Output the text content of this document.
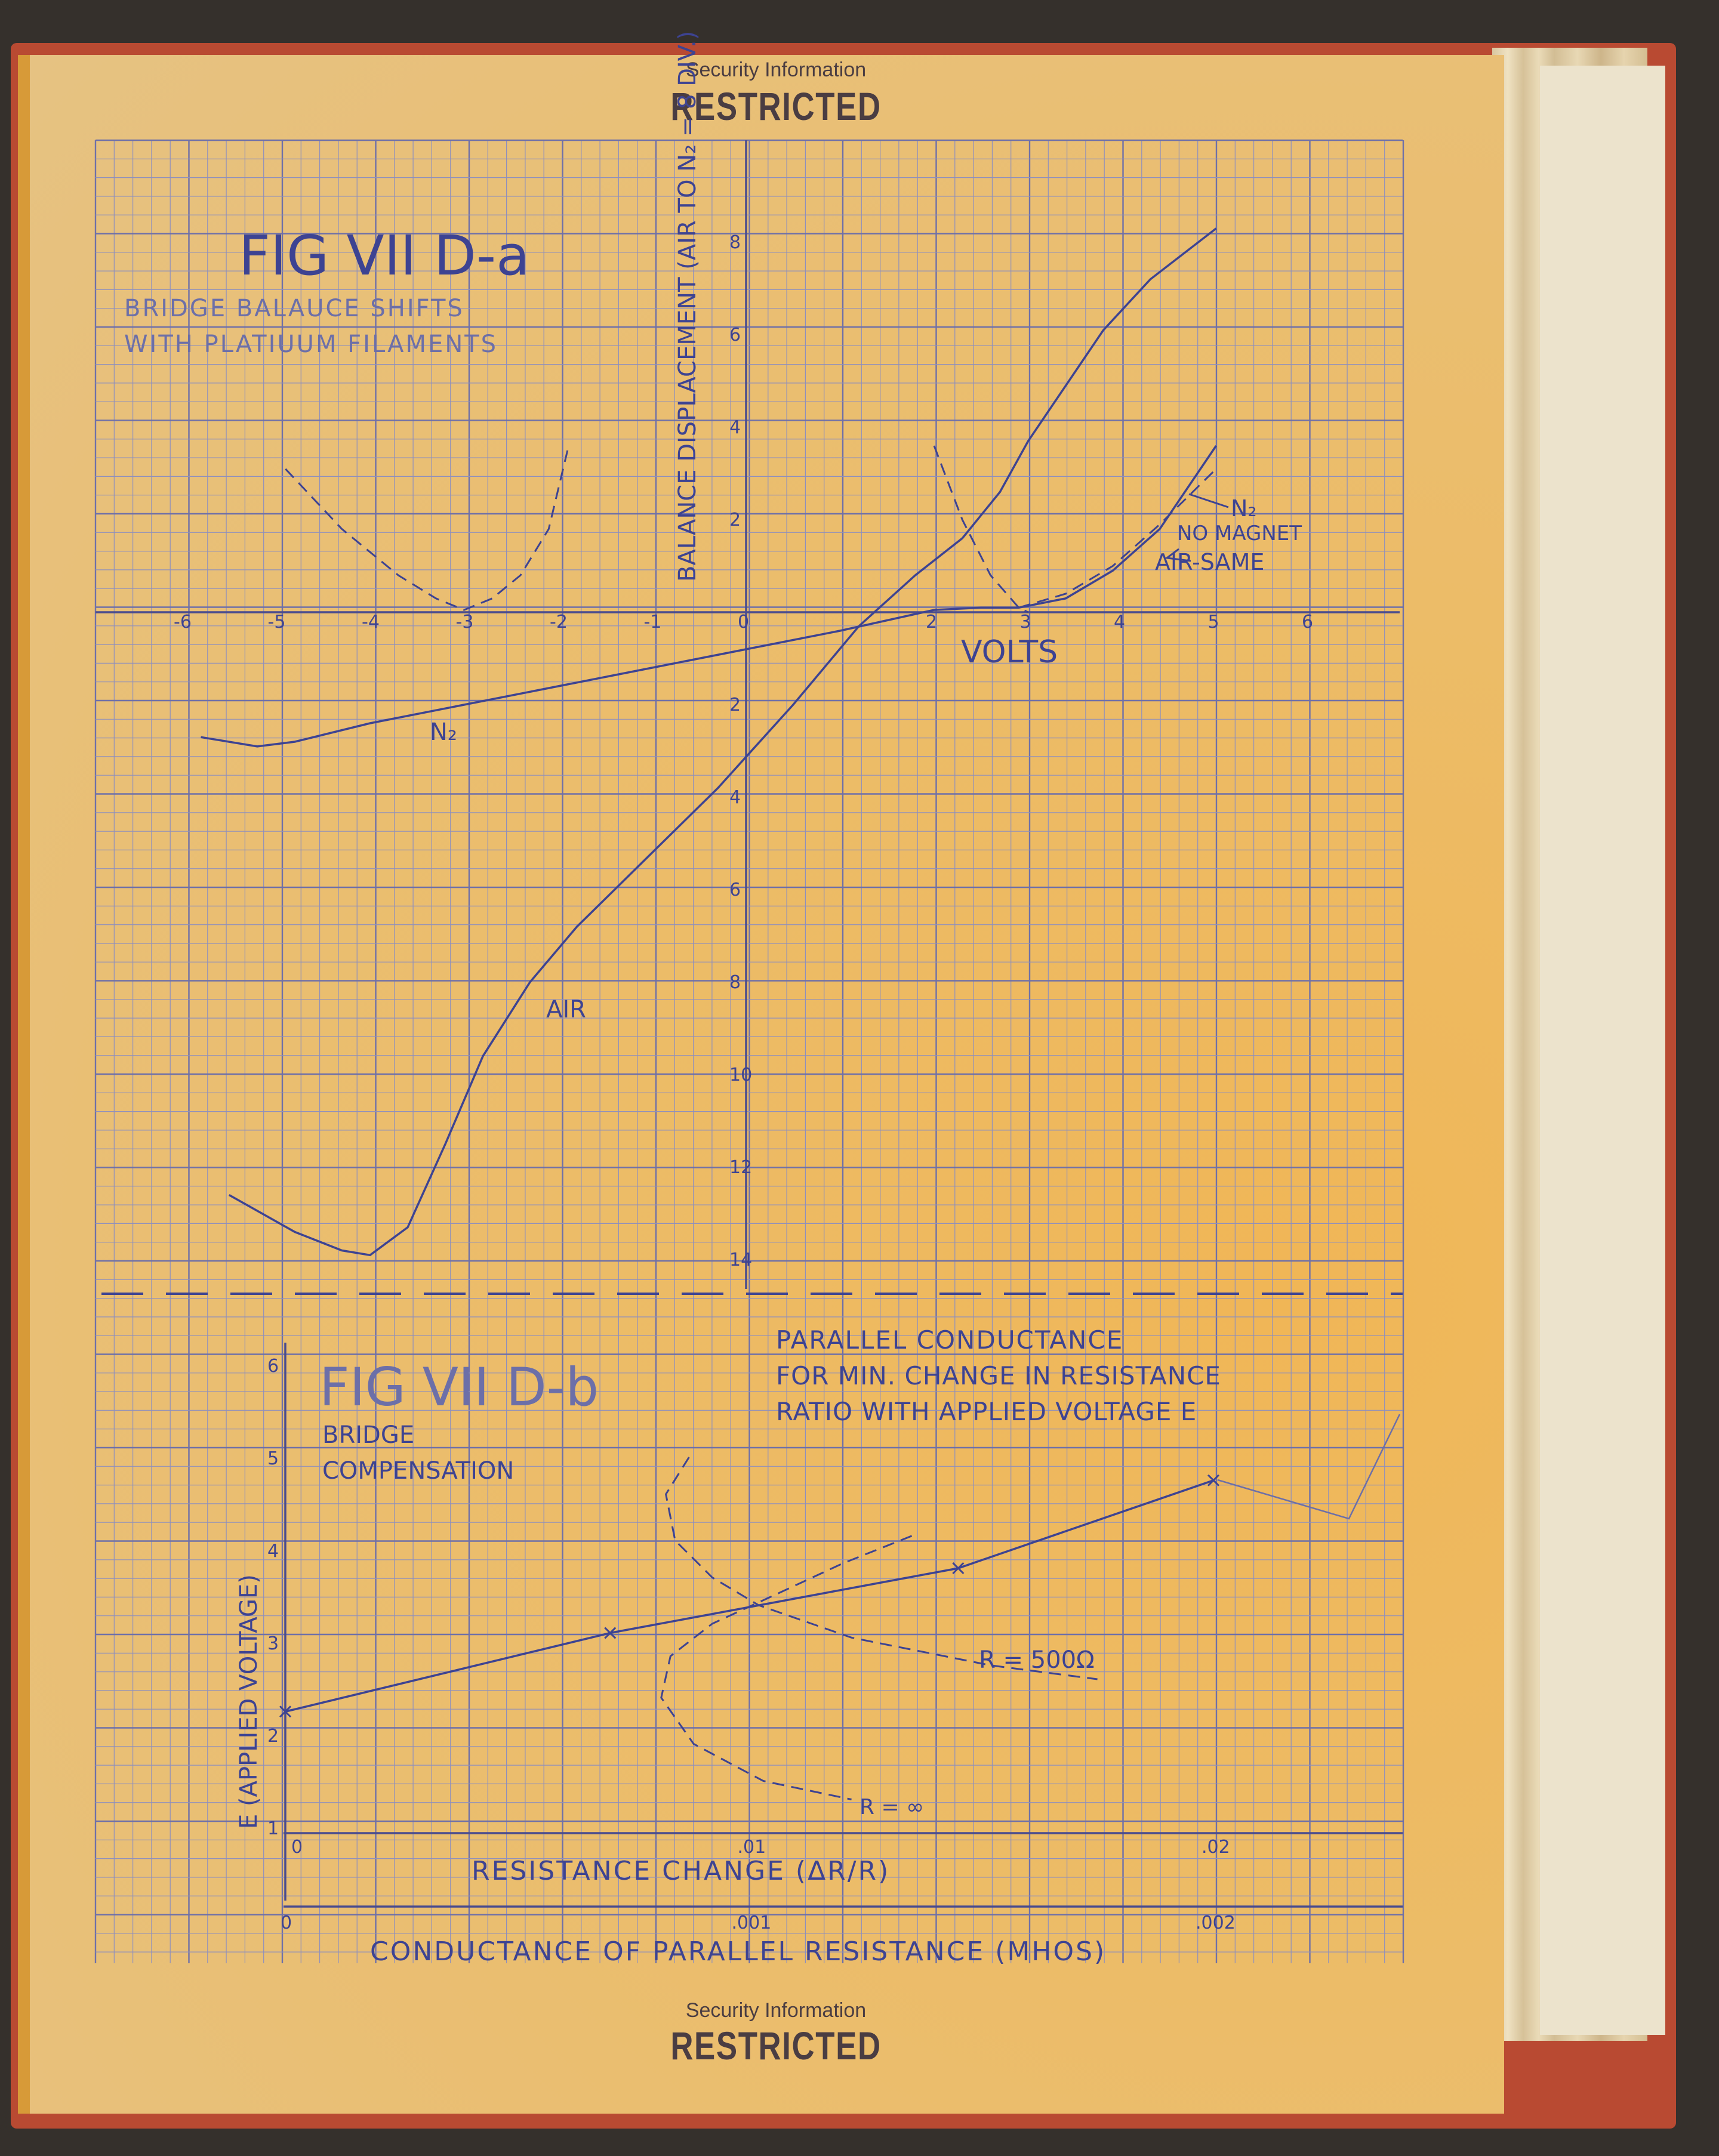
Security Information
RESTRICTED
Security Information
RESTRICTED
-6	-5	-4	-3	-2	-1	0	2	3	4	5	6
8
6
4
2
2
4
6
8
10
12
14
FIG VII D-a
BRIDGE BALAUCE SHIFTS
WITH PLATIUUM FILAMENTS
VOLTS
BALANCE DISPLACEMENT (AIR TO N₂ = 8 DIV.)
AIR
N₂
N₂
NO MAGNET
AIR-SAME
6
5
4
3
2
1
0	.01	.02
0	.001	.002
FIG VII D-b
BRIDGE
COMPENSATION
PARALLEL CONDUCTANCE
FOR MIN. CHANGE IN RESISTANCE
RATIO WITH APPLIED VOLTAGE E
E (APPLIED VOLTAGE)
RESISTANCE CHANGE (ΔR/R)
CONDUCTANCE OF PARALLEL RESISTANCE (MHOS)
R = 500Ω
R = ∞
